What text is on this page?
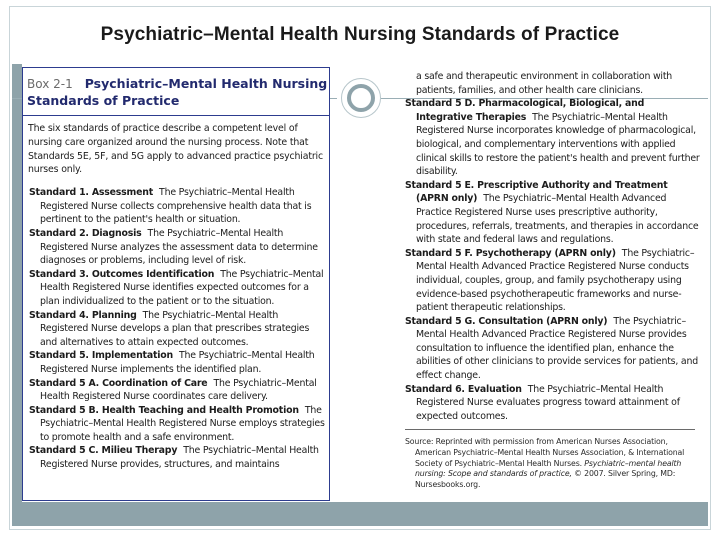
Psychiatric–Mental Health Nursing Standards of Practice
Box 2-1 Psychiatric–Mental Health Nursing
Standards of Practice

The six standards of practice describe a competent level of nursing care organized around the nursing process. Note that Standards 5E, 5F, and 5G apply to advanced practice psychiatric nurses only.

Standard 1. Assessment The Psychiatric–Mental Health Registered Nurse collects comprehensive health data that is pertinent to the patient's health or situation.

Standard 2. Diagnosis The Psychiatric–Mental Health Registered Nurse analyzes the assessment data to determine diagnoses or problems, including level of risk.

Standard 3. Outcomes Identification The Psychiatric–Mental Health Registered Nurse identifies expected outcomes for a plan individualized to the patient or to the situation.

Standard 4. Planning The Psychiatric–Mental Health Registered Nurse develops a plan that prescribes strategies and alternatives to attain expected outcomes.

Standard 5. Implementation The Psychiatric–Mental Health Registered Nurse implements the identified plan.

Standard 5 A. Coordination of Care The Psychiatric–Mental Health Registered Nurse coordinates care delivery.

Standard 5 B. Health Teaching and Health Promotion The Psychiatric–Mental Health Registered Nurse employs strategies to promote health and a safe environment.

Standard 5 C. Milieu Therapy The Psychiatric–Mental Health Registered Nurse provides, structures, and maintains

a safe and therapeutic environment in collaboration with patients, families, and other health care clinicians.

Standard 5 D. Pharmacological, Biological, and Integrative Therapies The Psychiatric–Mental Health Registered Nurse incorporates knowledge of pharmacological, biological, and complementary interventions with applied clinical skills to restore the patient's health and prevent further disability.

Standard 5 E. Prescriptive Authority and Treatment (APRN only) The Psychiatric–Mental Health Advanced Practice Registered Nurse uses prescriptive authority, procedures, referrals, treatments, and therapies in accordance with state and federal laws and regulations.

Standard 5 F. Psychotherapy (APRN only) The Psychiatric–Mental Health Advanced Practice Registered Nurse conducts individual, couples, group, and family psychotherapy using evidence-based psychotherapeutic frameworks and nurse-patient therapeutic relationships.

Standard 5 G. Consultation (APRN only) The Psychiatric–Mental Health Advanced Practice Registered Nurse provides consultation to influence the identified plan, enhance the abilities of other clinicians to provide services for patients, and effect change.

Standard 6. Evaluation The Psychiatric–Mental Health Registered Nurse evaluates progress toward attainment of expected outcomes.

Source: Reprinted with permission from American Nurses Association, American Psychiatric–Mental Health Nurses Association, & International Society of Psychiatric–Mental Health Nurses. Psychiatric–mental health nursing: Scope and standards of practice, © 2007. Silver Spring, MD: Nursesbooks.org.
